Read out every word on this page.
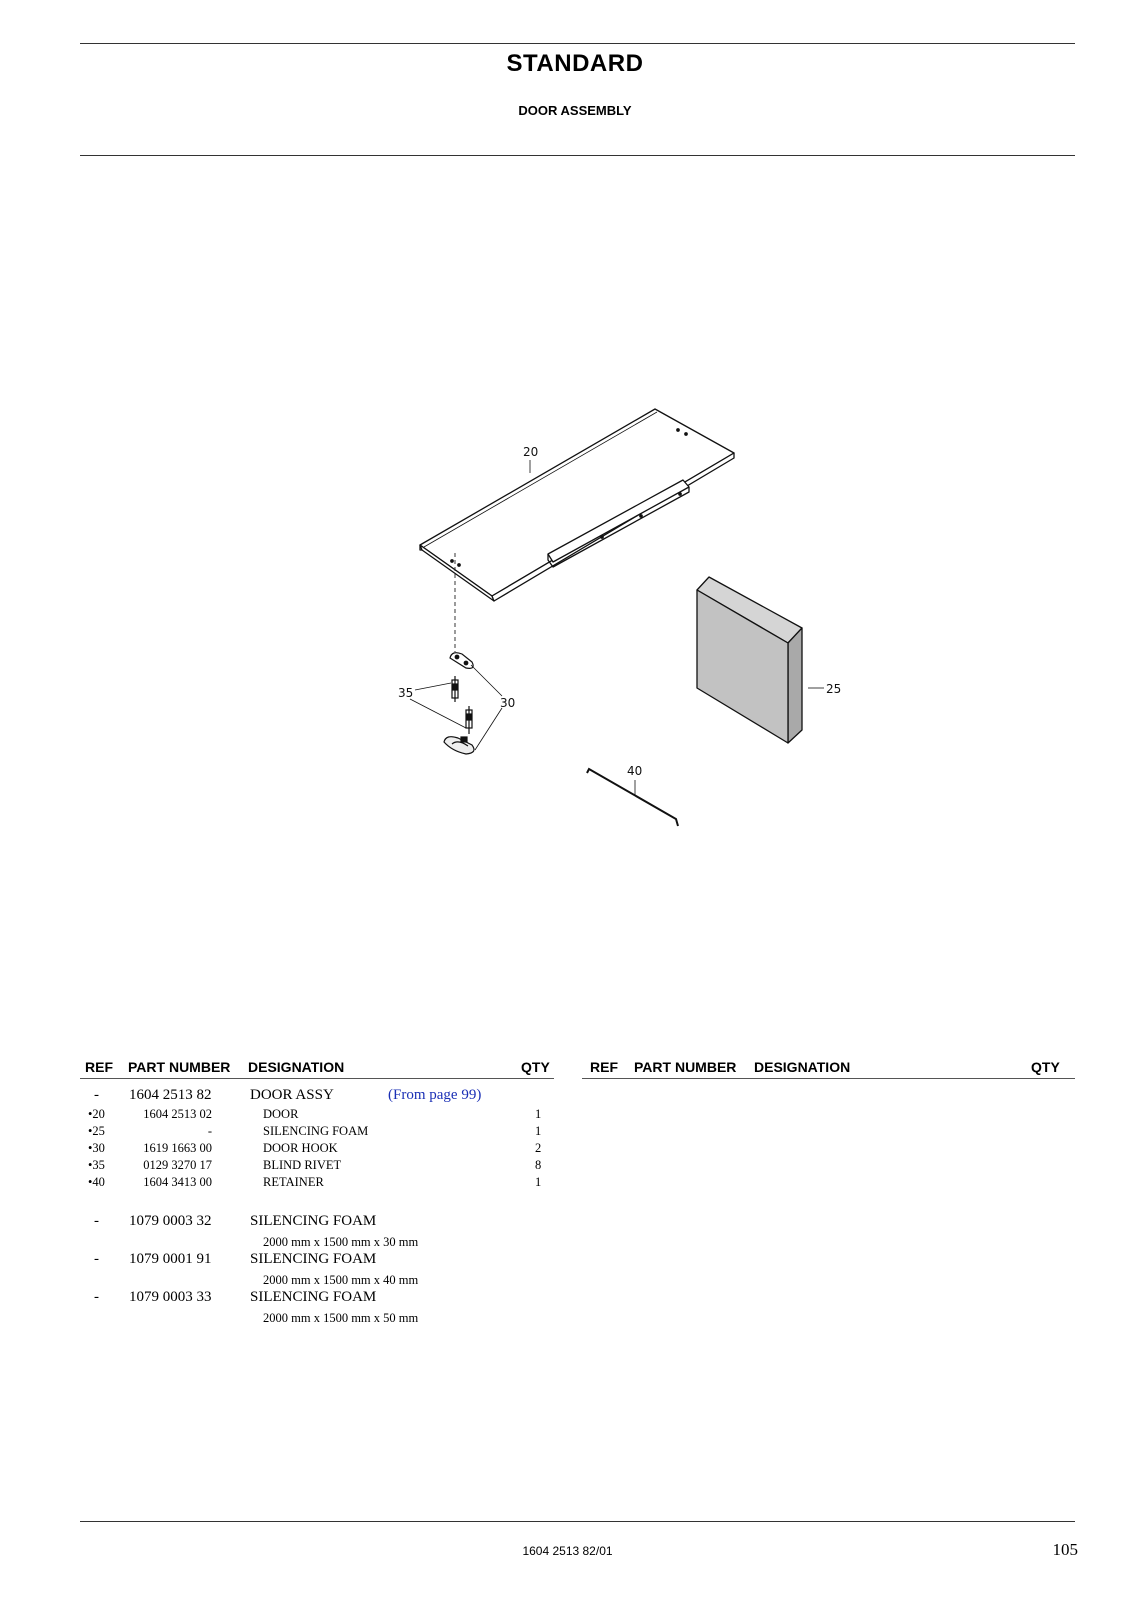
STANDARD
DOOR ASSEMBLY
20
25
35
30
40
REF PART NUMBER DESIGNATION	QTY	REF PART NUMBER DESIGNATION	QTY
- 1604 2513 82	DOOR ASSY	(From page 99)
•20	1604 2513 02	DOOR	1
•25	-	SILENCING FOAM	1
•30	1619 1663 00	DOOR HOOK	2
•35	0129 3270 17	BLIND RIVET	8
•40	1604 3413 00	RETAINER	1
- 1079 0003 32	SILENCING FOAM
2000 mm x 1500 mm x 30 mm
- 1079 0001 91	SILENCING FOAM
2000 mm x 1500 mm x 40 mm
- 1079 0003 33	SILENCING FOAM
2000 mm x 1500 mm x 50 mm
1604 2513 82/01	105
